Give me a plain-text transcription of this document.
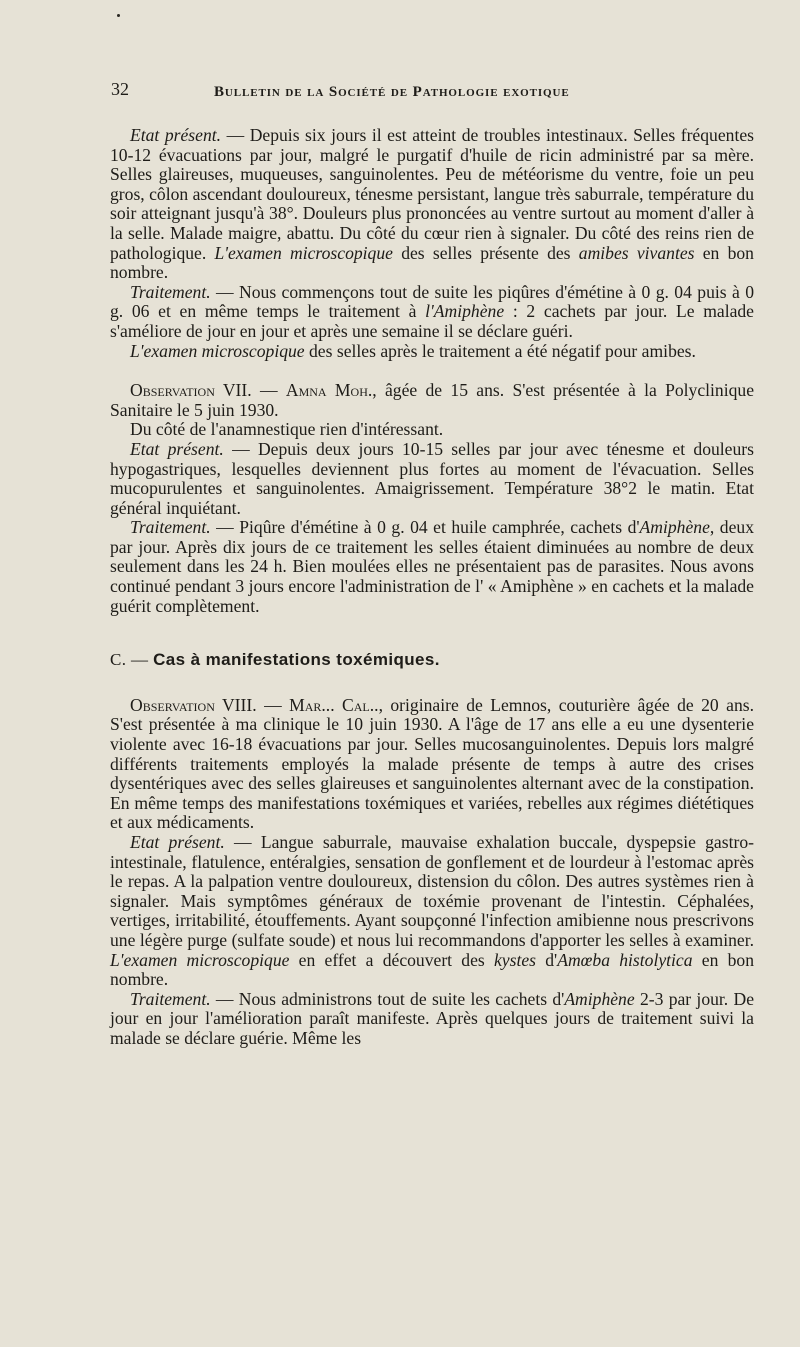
32	Bulletin de la Société de Pathologie exotique

Etat présent. — Depuis six jours il est atteint de troubles intestinaux. Selles fréquentes 10-12 évacuations par jour, malgré le purgatif d'huile de ricin administré par sa mère. Selles glaireuses, muqueuses, sanguinolentes. Peu de météorisme du ventre, foie un peu gros, côlon ascendant douloureux, ténesme persistant, langue très saburrale, température du soir atteignant jusqu'à 38°. Douleurs plus prononcées au ventre surtout au moment d'aller à la selle. Malade maigre, abattu. Du côté du cœur rien à signaler. Du côté des reins rien de pathologique. L'examen microscopique des selles présente des amibes vivantes en bon nombre.

Traitement. — Nous commençons tout de suite les piqûres d'émétine à 0 g. 04 puis à 0 g. 06 et en même temps le traitement à l'Amiphène : 2 cachets par jour. Le malade s'améliore de jour en jour et après une semaine il se déclare guéri.

L'examen microscopique des selles après le traitement a été négatif pour amibes.

Observation VII. — Amna Moh., âgée de 15 ans. S'est présentée à la Polyclinique Sanitaire le 5 juin 1930.

Du côté de l'anamnestique rien d'intéressant.

Etat présent. — Depuis deux jours 10-15 selles par jour avec ténesme et douleurs hypogastriques, lesquelles deviennent plus fortes au moment de l'évacuation. Selles mucopurulentes et sanguinolentes. Amaigrissement. Température 38°2 le matin. Etat général inquiétant.

Traitement. — Piqûre d'émétine à 0 g. 04 et huile camphrée, cachets d'Amiphène, deux par jour. Après dix jours de ce traitement les selles étaient diminuées au nombre de deux seulement dans les 24 h. Bien moulées elles ne présentaient pas de parasites. Nous avons continué pendant 3 jours encore l'administration de l' « Amiphène » en cachets et la malade guérit complètement.

C. — Cas à manifestations toxémiques.

Observation VIII. — Mar... Cal.., originaire de Lemnos, couturière âgée de 20 ans. S'est présentée à ma clinique le 10 juin 1930. A l'âge de 17 ans elle a eu une dysenterie violente avec 16-18 évacuations par jour. Selles mucosanguinolentes. Depuis lors malgré différents traitements employés la malade présente de temps à autre des crises dysentériques avec des selles glaireuses et sanguinolentes alternant avec de la constipation. En même temps des manifestations toxémiques et variées, rebelles aux régimes diététiques et aux médicaments.

Etat présent. — Langue saburrale, mauvaise exhalation buccale, dyspepsie gastro-intestinale, flatulence, entéralgies, sensation de gonflement et de lourdeur à l'estomac après le repas. A la palpation ventre douloureux, distension du côlon. Des autres systèmes rien à signaler. Mais symptômes généraux de toxémie provenant de l'intestin. Céphalées, vertiges, irritabilité, étouffements. Ayant soupçonné l'infection amibienne nous prescrivons une légère purge (sulfate soude) et nous lui recommandons d'apporter les selles à examiner. L'examen microscopique en effet a découvert des kystes d'Amœba histolytica en bon nombre.

Traitement. — Nous administrons tout de suite les cachets d'Amiphène 2-3 par jour. De jour en jour l'amélioration paraît manifeste. Après quelques jours de traitement suivi la malade se déclare guérie. Même les
